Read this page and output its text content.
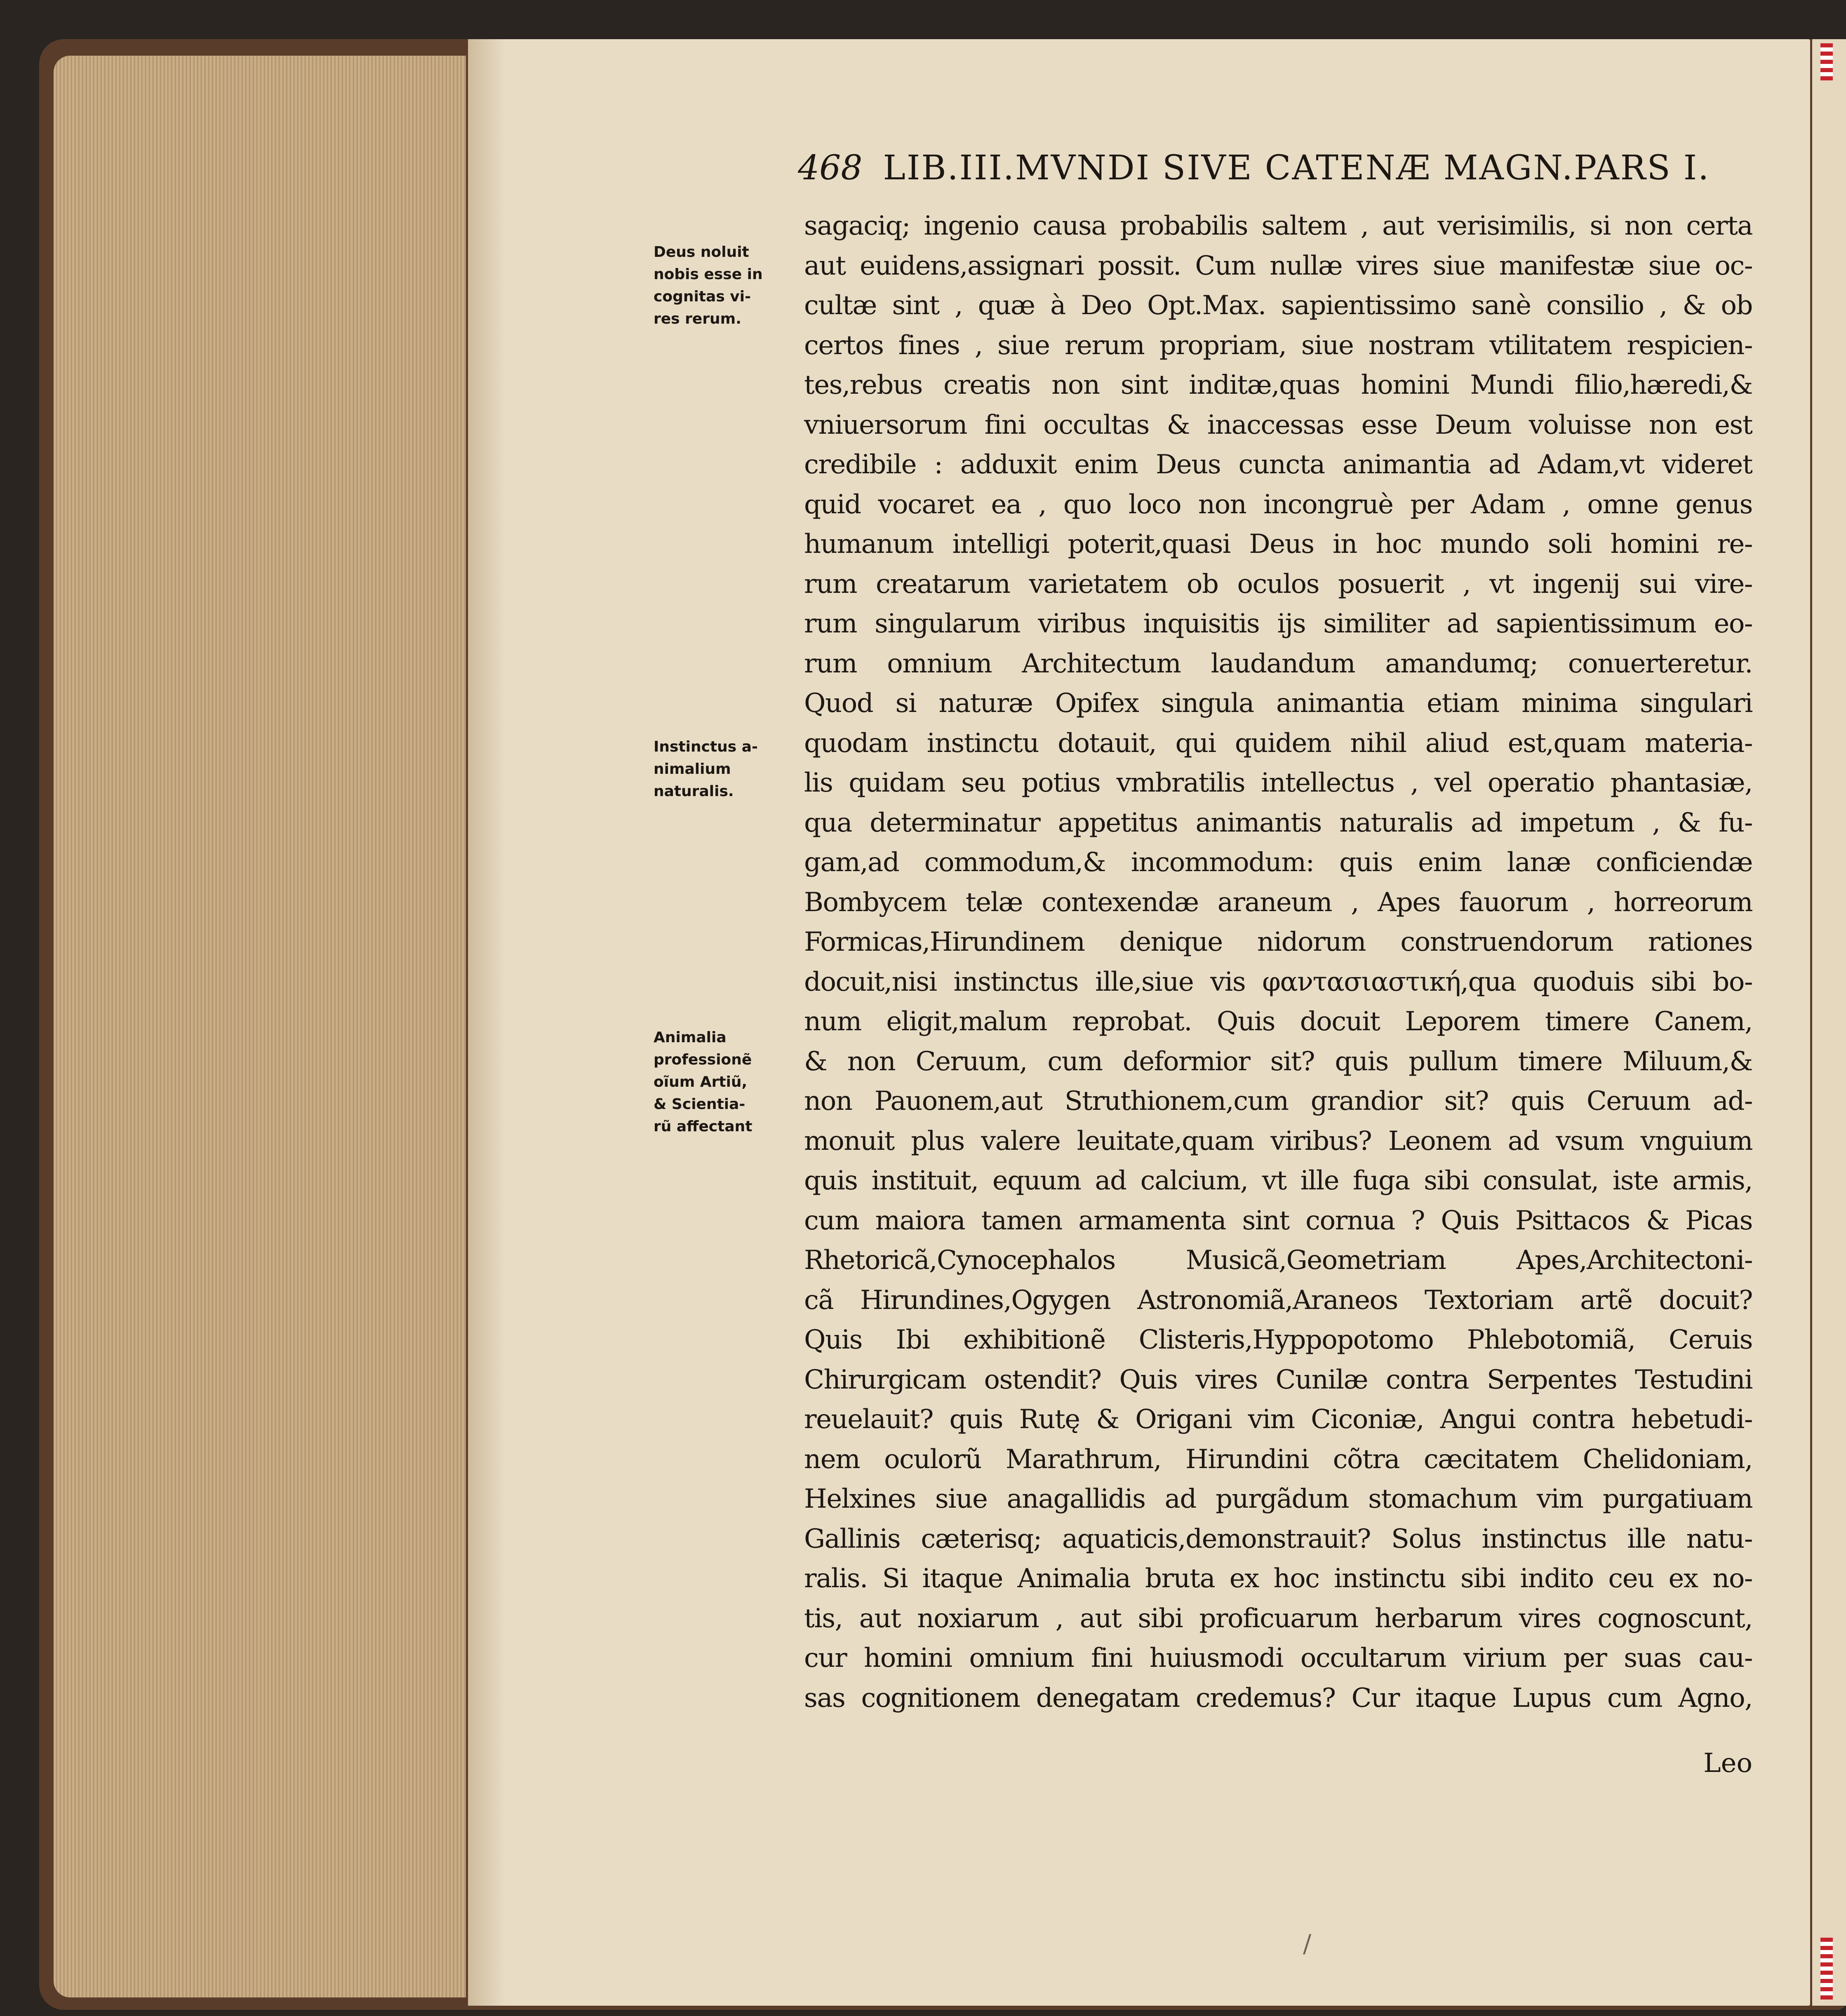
468 LIB.III.MVNDI SIVE CATENÆ MAGN.PARS I.
Deus noluit
nobis esse in
cognitas vi-
res rerum.
Instinctus a-
nimalium
naturalis.
Animalia
professionẽ
oĩum Artiũ,
& Scientia-
rũ affectant
sagaciq; ingenio causa probabilis saltem , aut verisimilis, si non certa
aut euidens,assignari possit. Cum nullæ vires siue manifestæ siue oc-
cultæ sint , quæ à Deo Opt.Max. sapientissimo sanè consilio , & ob
certos fines , siue rerum propriam, siue nostram vtilitatem respicien-
tes,rebus creatis non sint inditæ,quas homini Mundi filio,hæredi,&
vniuersorum fini occultas & inaccessas esse Deum voluisse non est
credibile : adduxit enim Deus cuncta animantia ad Adam,vt videret
quid vocaret ea , quo loco non incongruè per Adam , omne genus
humanum intelligi poterit,quasi Deus in hoc mundo soli homini re-
rum creatarum varietatem ob oculos posuerit , vt ingenij sui vire-
rum singularum viribus inquisitis ijs similiter ad sapientissimum eo-
rum omnium Architectum laudandum amandumq; conuerteretur.
Quod si naturæ Opifex singula animantia etiam minima singulari
quodam instinctu dotauit, qui quidem nihil aliud est,quam materia-
lis quidam seu potius vmbratilis intellectus , vel operatio phantasiæ,
qua determinatur appetitus animantis naturalis ad impetum , & fu-
gam,ad commodum,& incommodum: quis enim lanæ conficiendæ
Bombycem telæ contexendæ araneum , Apes fauorum , horreorum
Formicas,Hirundinem denique nidorum construendorum rationes
docuit,nisi instinctus ille,siue vis φαντασιαστική,qua quoduis sibi bo-
num eligit,malum reprobat. Quis docuit Leporem timere Canem,
& non Ceruum, cum deformior sit? quis pullum timere Miluum,&
non Pauonem,aut Struthionem,cum grandior sit? quis Ceruum ad-
monuit plus valere leuitate,quam viribus? Leonem ad vsum vnguium
quis instituit, equum ad calcium, vt ille fuga sibi consulat, iste armis,
cum maiora tamen armamenta sint cornua ? Quis Psittacos & Picas
Rhetoricã,Cynocephalos Musicã,Geometriam Apes,Architectoni-
cã Hirundines,Ogygen Astronomiã,Araneos Textoriam artẽ docuit?
Quis Ibi exhibitionẽ Clisteris,Hyppopotomo Phlebotomiã, Ceruis
Chirurgicam ostendit? Quis vires Cunilæ contra Serpentes Testudini
reuelauit? quis Rutę & Origani vim Ciconiæ, Angui contra hebetudi-
nem oculorũ Marathrum, Hirundini cõtra cæcitatem Chelidoniam,
Helxines siue anagallidis ad purgãdum stomachum vim purgatiuam
Gallinis cæterisq; aquaticis,demonstrauit? Solus instinctus ille natu-
ralis. Si itaque Animalia bruta ex hoc instinctu sibi indito ceu ex no-
tis, aut noxiarum , aut sibi proficuarum herbarum vires cognoscunt,
cur homini omnium fini huiusmodi occultarum virium per suas cau-
sas cognitionem denegatam credemus? Cur itaque Lupus cum Agno,
Leo
/
